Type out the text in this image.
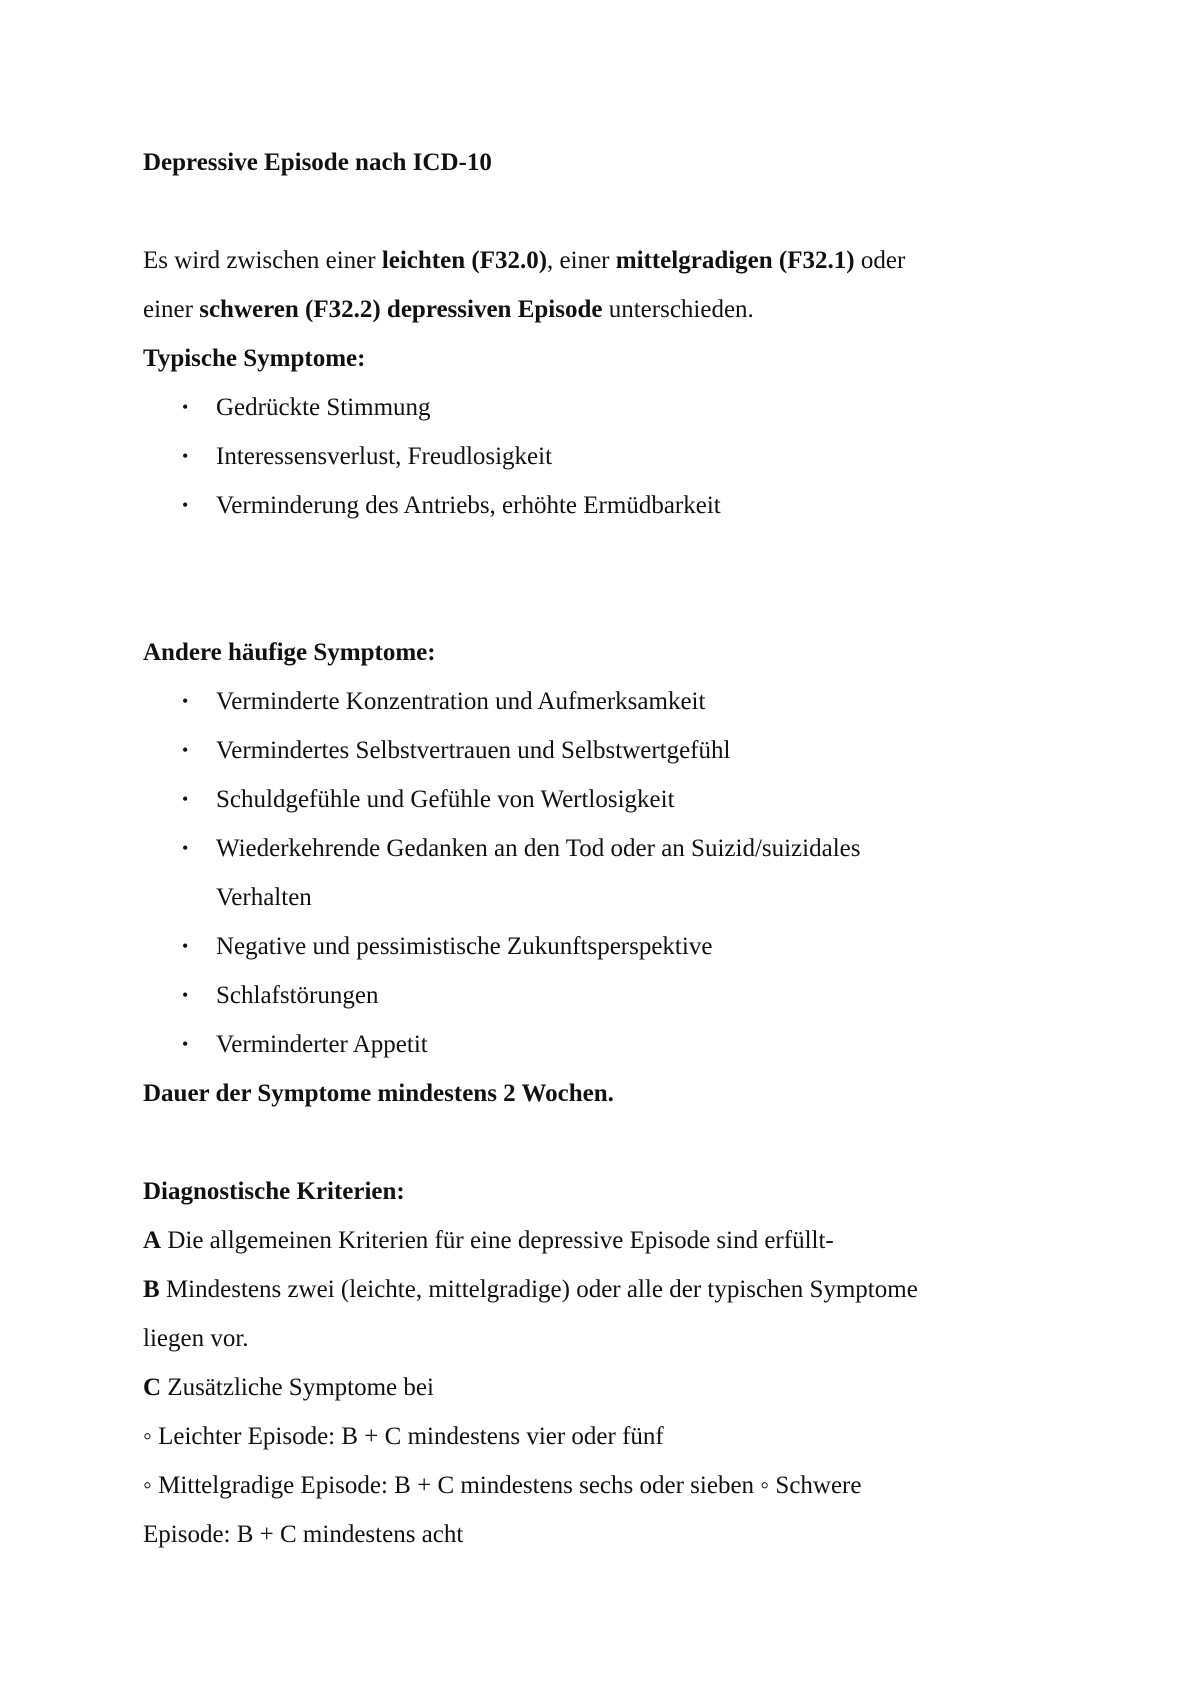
Depressive Episode nach ICD-10

Es wird zwischen einer leichten (F32.0), einer mittelgradigen (F32.1) oder

einer schweren (F32.2) depressiven Episode unterschieden.

Typische Symptome:

• Gedrückte Stimmung
• Interessensverlust, Freudlosigkeit
• Verminderung des Antriebs, erhöhte Ermüdbarkeit

Andere häufige Symptome:

• Verminderte Konzentration und Aufmerksamkeit
• Vermindertes Selbstvertrauen und Selbstwertgefühl
• Schuldgefühle und Gefühle von Wertlosigkeit
• Wiederkehrende Gedanken an den Tod oder an Suizid/suizidales Verhalten
• Negative und pessimistische Zukunftsperspektive
• Schlafstörungen
• Verminderter Appetit

Dauer der Symptome mindestens 2 Wochen.

Diagnostische Kriterien:

A Die allgemeinen Kriterien für eine depressive Episode sind erfüllt-

B Mindestens zwei (leichte, mittelgradige) oder alle der typischen Symptome

liegen vor.

C Zusätzliche Symptome bei

◦ Leichter Episode: B + C mindestens vier oder fünf

◦ Mittelgradige Episode: B + C mindestens sechs oder sieben ◦ Schwere

Episode: B + C mindestens acht
